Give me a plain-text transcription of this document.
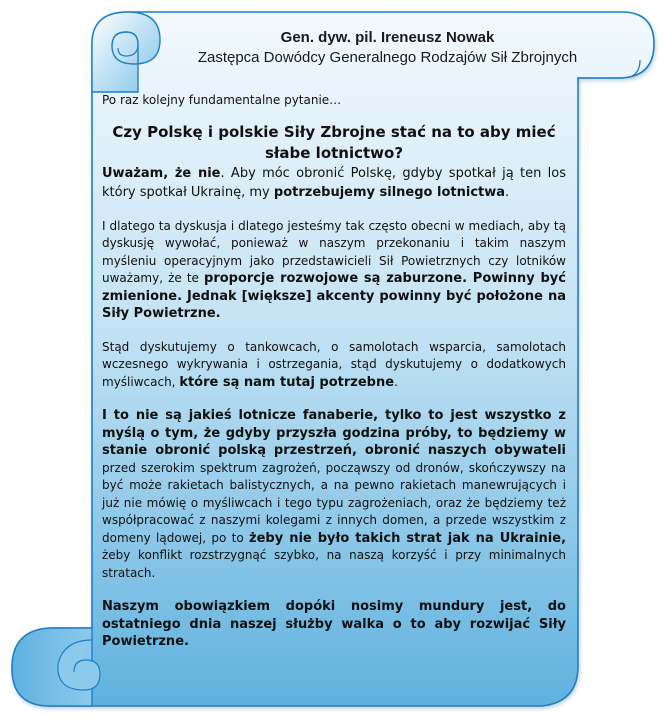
Gen. dyw. pil. Ireneusz Nowak
Zastępca Dowódcy Generalnego Rodzajów Sił Zbrojnych

Po raz kolejny fundamentalne pytanie…

Czy Polskę i polskie Siły Zbrojne stać na to aby mieć słabe lotnictwo?

Uważam, że nie. Aby móc obronić Polskę, gdyby spotkał ją ten los który spotkał Ukrainę, my potrzebujemy silnego lotnictwa.

I dlatego ta dyskusja i dlatego jesteśmy tak często obecni w mediach, aby tą dyskusję wywołać, ponieważ w naszym przekonaniu i takim naszym myśleniu operacyjnym jako przedstawicieli Sił Powietrznych czy lotników uważamy, że te proporcje rozwojowe są zaburzone. Powinny być zmienione. Jednak [większe] akcenty powinny być położone na Siły Powietrzne.

Stąd dyskutujemy o tankowcach, o samolotach wsparcia, samolotach wczesnego wykrywania i ostrzegania, stąd dyskutujemy o dodatkowych myśliwcach, które są nam tutaj potrzebne.

I to nie są jakieś lotnicze fanaberie, tylko to jest wszystko z myślą o tym, że gdyby przyszła godzina próby, to będziemy w stanie obronić polską przestrzeń, obronić naszych obywateli przed szerokim spektrum zagrożeń, począwszy od dronów, skończywszy na być może rakietach balistycznych, a na pewno rakietach manewrujących i już nie mówię o myśliwcach i tego typu zagrożeniach, oraz że będziemy też współpracować z naszymi kolegami z innych domen, a przede wszystkim z domeny lądowej, po to żeby nie było takich strat jak na Ukrainie, żeby konflikt rozstrzygnąć szybko, na naszą korzyść i przy minimalnych stratach.

Naszym obowiązkiem dopóki nosimy mundury jest, do ostatniego dnia naszej służby walka o to aby rozwijać Siły Powietrzne.
